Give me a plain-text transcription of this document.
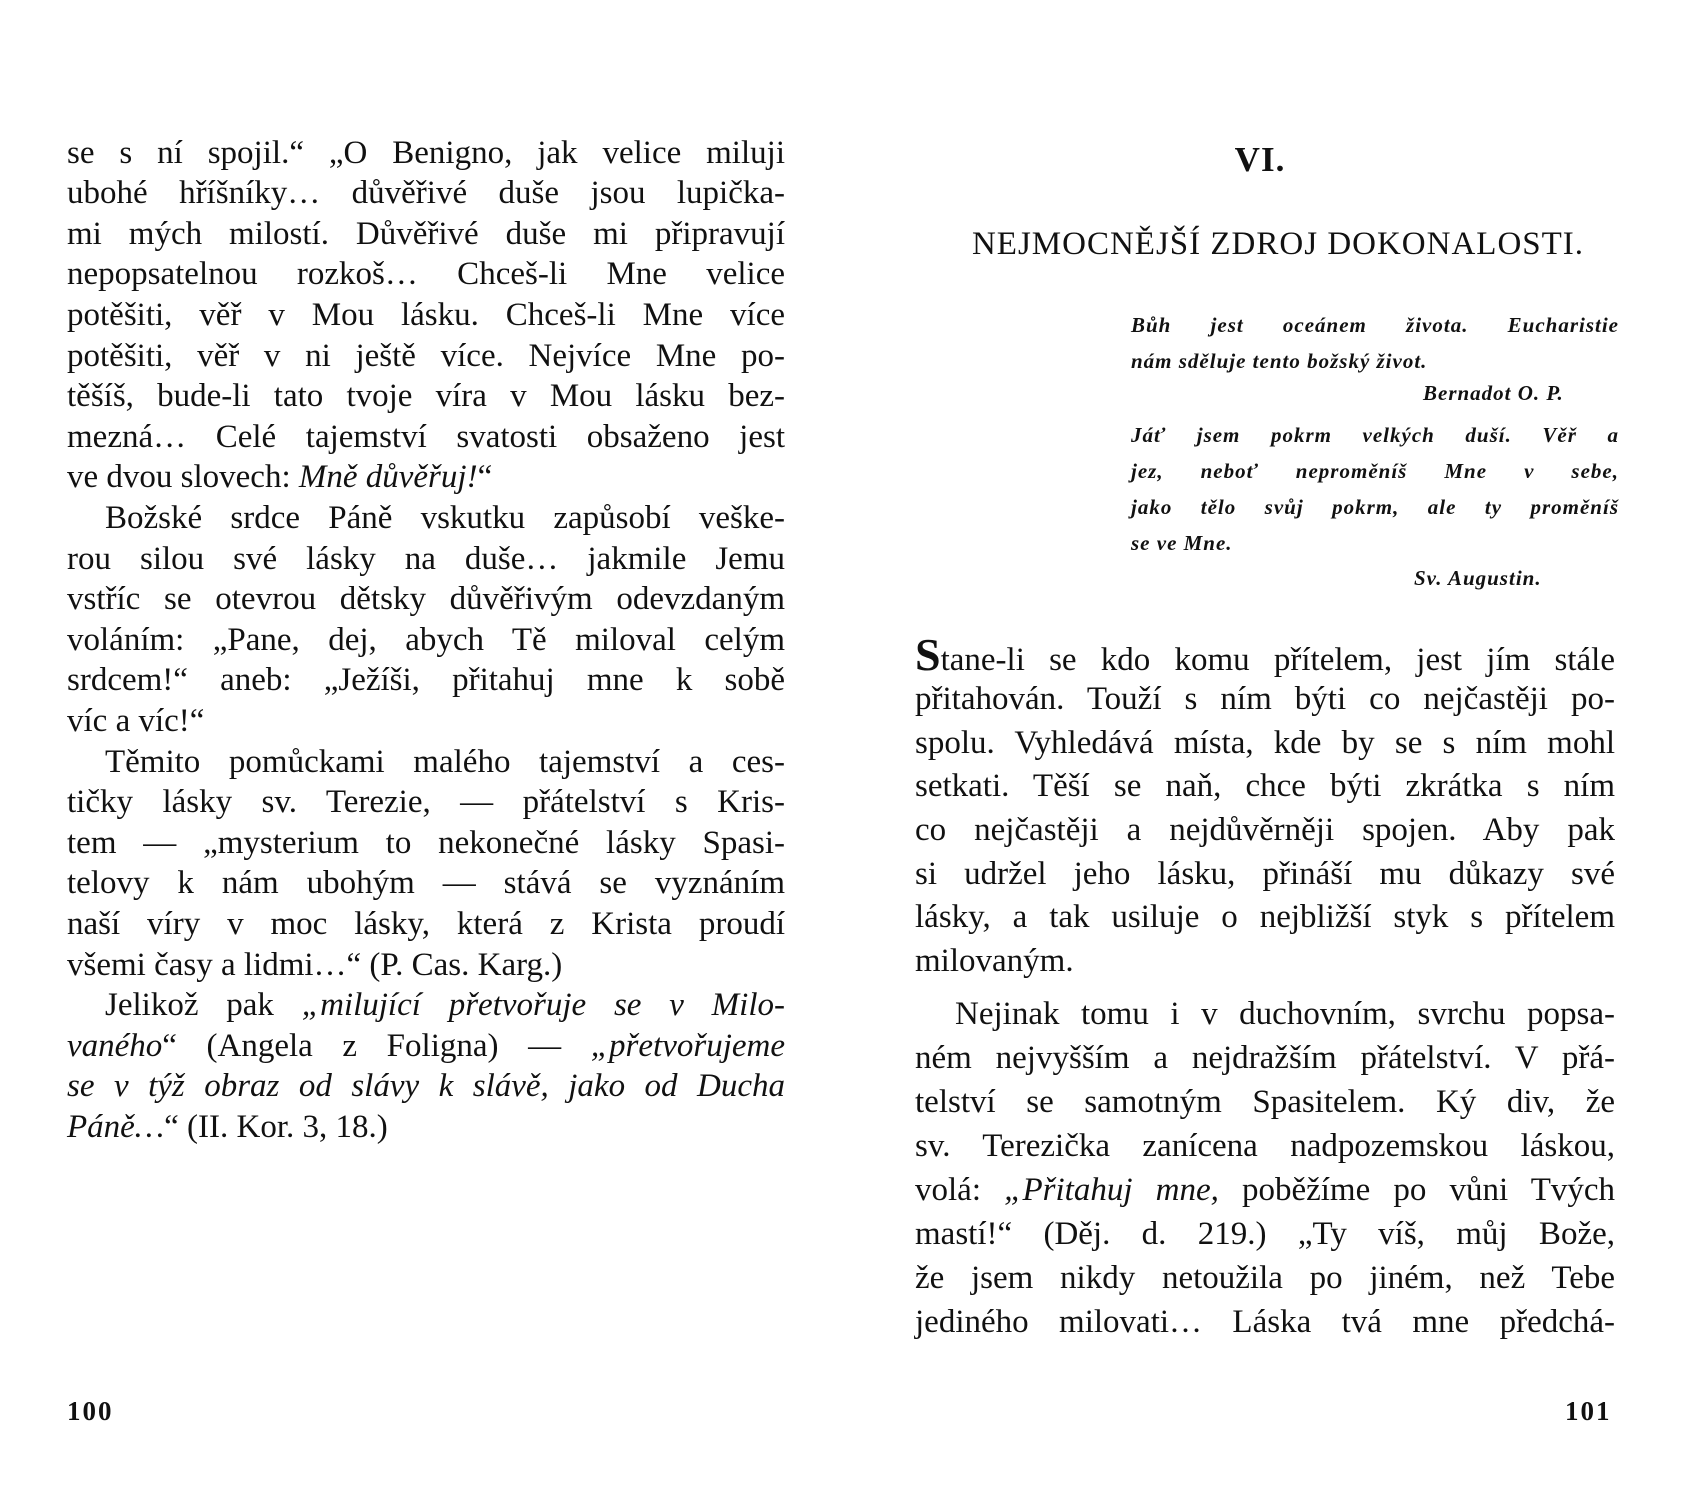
se s ní spojil.“ „O Benigno, jak velice miluji
ubohé hříšníky… důvěřivé duše jsou lupička-
mi mých milostí. Důvěřivé duše mi připravují
nepopsatelnou rozkoš… Chceš-li Mne velice
potěšiti, věř v Mou lásku. Chceš-li Mne více
potěšiti, věř v ni ještě více. Nejvíce Mne po-
těšíš, bude-li tato tvoje víra v Mou lásku bez-
mezná… Celé tajemství svatosti obsaženo jest
ve dvou slovech: Mně důvěřuj!“
Božské srdce Páně vskutku zapůsobí veške-
rou silou své lásky na duše… jakmile Jemu
vstříc se otevrou dětsky důvěřivým odevzdaným
voláním: „Pane, dej, abych Tě miloval celým
srdcem!“ aneb: „Ježíši, přitahuj mne k sobě
víc a víc!“
Těmito pomůckami malého tajemství a ces-
tičky lásky sv. Terezie, — přátelství s Kris-
tem — „mysterium to nekonečné lásky Spasi-
telovy k nám ubohým — stává se vyznáním
naší víry v moc lásky, která z Krista proudí
všemi časy a lidmi…“ (P. Cas. Karg.)
Jelikož pak „milující přetvořuje se v Milo-
vaného“ (Angela z Foligna) — „přetvořujeme
se v týž obraz od slávy k slávě, jako od Ducha
Páně…“ (II. Kor. 3, 18.)
100
VI.
NEJMOCNĚJŠÍ ZDROJ DOKONALOSTI.
Bůh jest oceánem života. Eucharistie
nám sděluje tento božský život.
Bernadot O. P.
Jáť jsem pokrm velkých duší. Věř a
jez, neboť neproměníš Mne v sebe,
jako tělo svůj pokrm, ale ty proměníš
se ve Mne.
Sv. Augustin.
Stane-li se kdo komu přítelem, jest jím stále
přitahován. Touží s ním býti co nejčastěji po-
spolu. Vyhledává místa, kde by se s ním mohl
setkati. Těší se naň, chce býti zkrátka s ním
co nejčastěji a nejdůvěrněji spojen. Aby pak
si udržel jeho lásku, přináší mu důkazy své
lásky, a tak usiluje o nejbližší styk s přítelem
milovaným.
Nejinak tomu i v duchovním, svrchu popsa-
ném nejvyšším a nejdražším přátelství. V přá-
telství se samotným Spasitelem. Ký div, že
sv. Terezička zanícena nadpozemskou láskou,
volá: „Přitahuj mne, poběžíme po vůni Tvých
mastí!“ (Děj. d. 219.) „Ty víš, můj Bože,
že jsem nikdy netoužila po jiném, než Tebe
jediného milovati… Láska tvá mne předchá-
101
